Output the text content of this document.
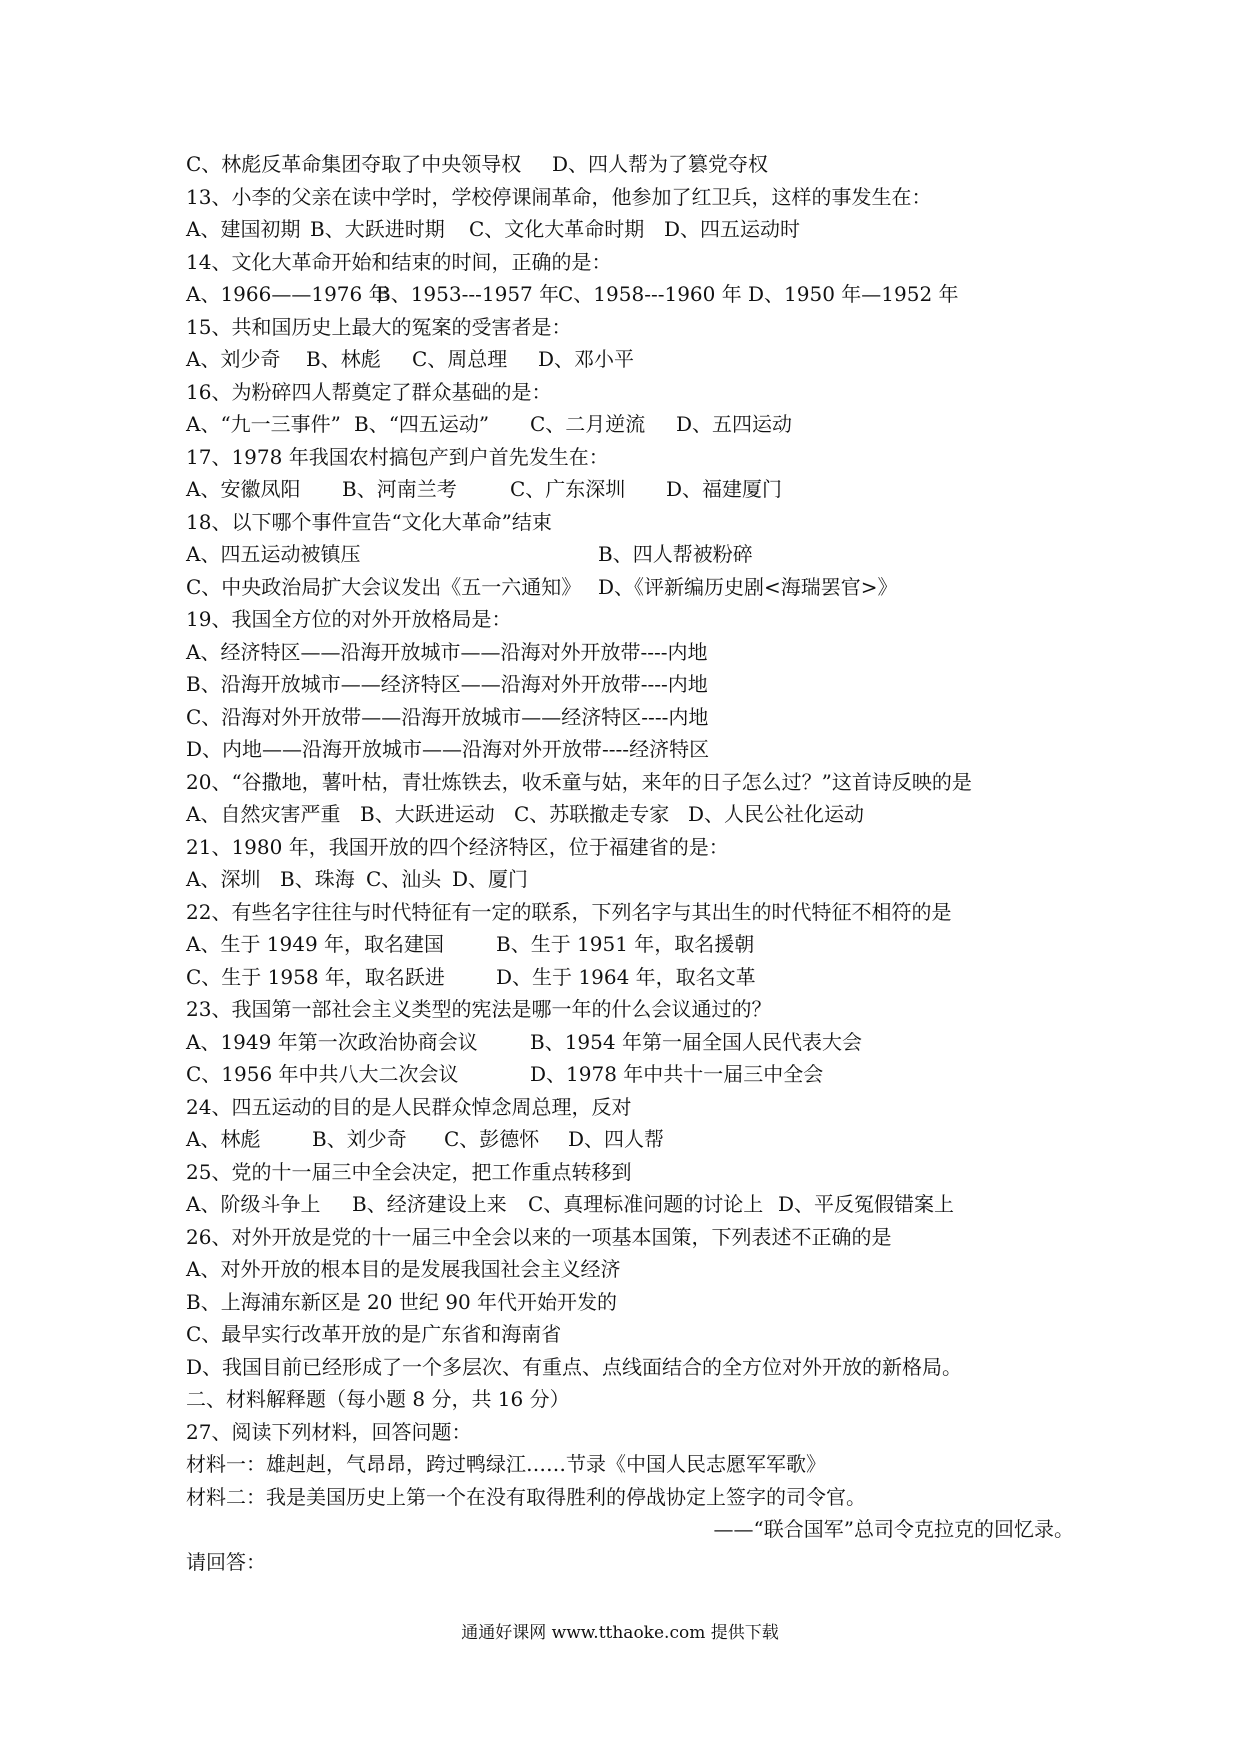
C、林彪反革命集团夺取了中央领导权 D、四人帮为了篡党夺权
13、小李的父亲在读中学时，学校停课闹革命，他参加了红卫兵，这样的事发生在：
A、建国初期 B、大跃进时期 C、文化大革命时期 D、四五运动时
14、文化大革命开始和结束的时间，正确的是：
A、1966——1976 年
B、1953---1957 年
C、1958---1960 年 D、1950 年—1952 年
15、共和国历史上最大的冤案的受害者是：
A、刘少奇 B、林彪 C、周总理 D、邓小平
16、为粉碎四人帮奠定了群众基础的是：
A、“九一三事件” B、“四五运动” C、二月逆流 D、五四运动
17、1978 年我国农村搞包产到户首先发生在：
A、安徽凤阳 B、河南兰考	C、广东深圳 D、福建厦门
18、以下哪个事件宣告“文化大革命”结束
A、四五运动被镇压	B、四人帮被粉碎
C、中央政治局扩大会议发出《五一六通知》 D、《评新编历史剧<海瑞罢官>》
19、我国全方位的对外开放格局是：
A、经济特区——沿海开放城市——沿海对外开放带----内地
B、沿海开放城市——经济特区——沿海对外开放带----内地
C、沿海对外开放带——沿海开放城市——经济特区----内地
D、内地——沿海开放城市——沿海对外开放带----经济特区
20、“谷撒地，薯叶枯，青壮炼铁去，收禾童与姑，来年的日子怎么过？”这首诗反映的是
A、自然灾害严重 B、大跃进运动 C、苏联撤走专家 D、人民公社化运动
21、1980 年，我国开放的四个经济特区，位于福建省的是：
A、深圳 B、珠海 C、汕头 D、厦门
22、有些名字往往与时代特征有一定的联系，下列名字与其出生的时代特征不相符的是
A、生于 1949 年，取名建国	B、生于 1951 年，取名援朝
C、生于 1958 年，取名跃进	D、生于 1964 年，取名文革
23、我国第一部社会主义类型的宪法是哪一年的什么会议通过的？
A、1949 年第一次政治协商会议	B、1954 年第一届全国人民代表大会
C、1956 年中共八大二次会议	D、1978 年中共十一届三中全会
24、四五运动的目的是人民群众悼念周总理，反对
A、林彪	B、刘少奇 C、彭德怀 D、四人帮
25、党的十一届三中全会决定，把工作重点转移到
A、阶级斗争上 B、经济建设上来 C、真理标准问题的讨论上 D、平反冤假错案上
26、对外开放是党的十一届三中全会以来的一项基本国策，下列表述不正确的是
A、对外开放的根本目的是发展我国社会主义经济
B、上海浦东新区是 20 世纪 90 年代开始开发的
C、最早实行改革开放的是广东省和海南省
D、我国目前已经形成了一个多层次、有重点、点线面结合的全方位对外开放的新格局。
二、材料解释题（每小题 8 分，共 16 分）
27、阅读下列材料，回答问题：
材料一：雄赳赳，气昂昂，跨过鸭绿江……节录《中国人民志愿军军歌》
材料二：我是美国历史上第一个在没有取得胜利的停战协定上签字的司令官。
——“联合国军”总司令克拉克的回忆录。
请回答：
通通好课网 www.tthaoke.com 提供下载
